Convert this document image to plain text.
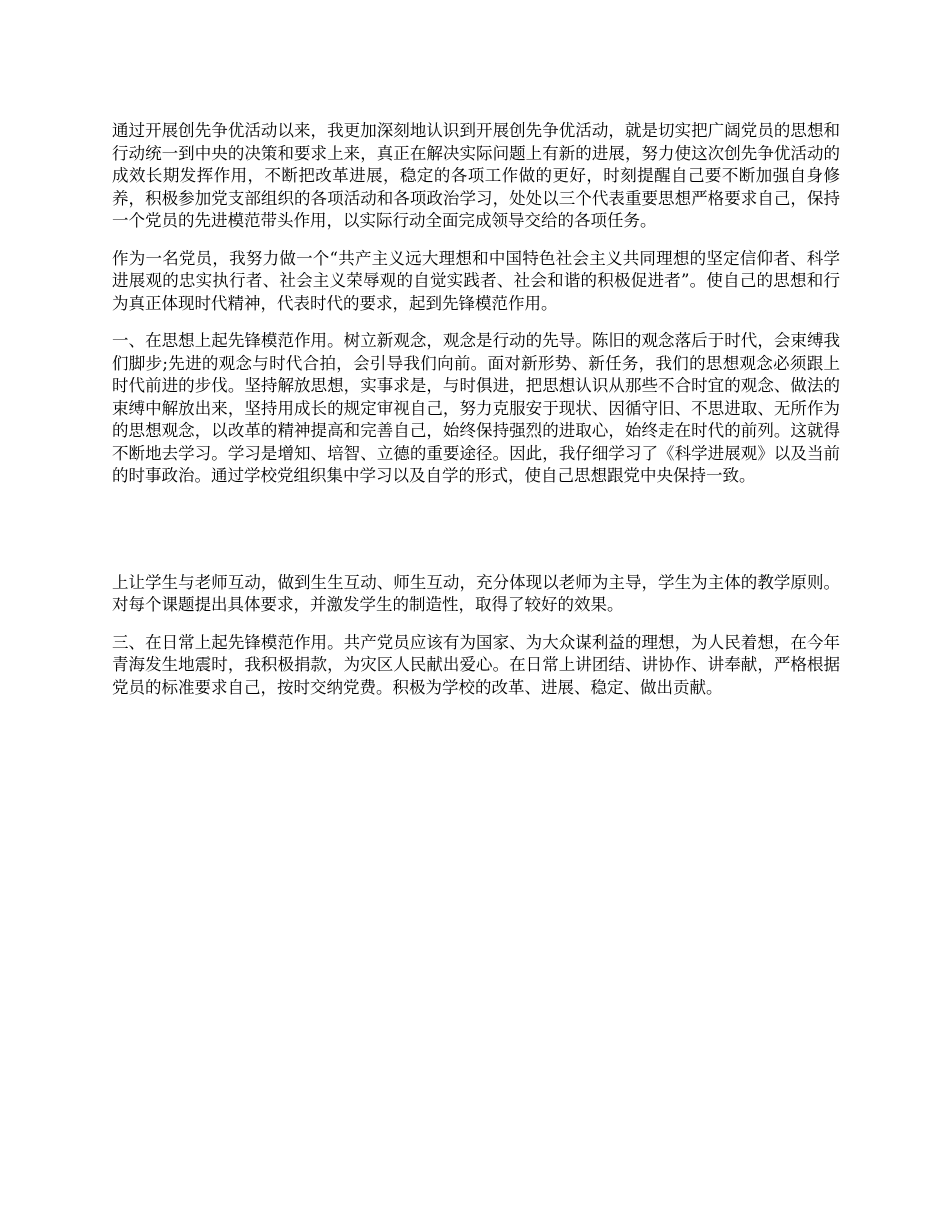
通过开展创先争优活动以来，我更加深刻地认识到开展创先争优活动，就是切实把广阔党员的思想和行动统一到中央的决策和要求上来，真正在解决实际问题上有新的进展，努力使这次创先争优活动的成效长期发挥作用，不断把改革进展，稳定的各项工作做的更好，时刻提醒自己要不断加强自身修养，积极参加党支部组织的各项活动和各项政治学习，处处以三个代表重要思想严格要求自己，保持一个党员的先进模范带头作用，以实际行动全面完成领导交给的各项任务。

作为一名党员，我努力做一个“共产主义远大理想和中国特色社会主义共同理想的坚定信仰者、科学进展观的忠实执行者、社会主义荣辱观的自觉实践者、社会和谐的积极促进者”。使自己的思想和行为真正体现时代精神，代表时代的要求，起到先锋模范作用。

一、在思想上起先锋模范作用。树立新观念，观念是行动的先导。陈旧的观念落后于时代，会束缚我们脚步;先进的观念与时代合拍，会引导我们向前。面对新形势、新任务，我们的思想观念必须跟上时代前进的步伐。坚持解放思想，实事求是，与时俱进，把思想认识从那些不合时宜的观念、做法的束缚中解放出来，坚持用成长的规定审视自己，努力克服安于现状、因循守旧、不思进取、无所作为的思想观念，以改革的精神提高和完善自己，始终保持强烈的进取心，始终走在时代的前列。这就得不断地去学习。学习是增知、培智、立德的重要途径。因此，我仔细学习了《科学进展观》以及当前的时事政治。通过学校党组织集中学习以及自学的形式，使自己思想跟党中央保持一致。

上让学生与老师互动，做到生生互动、师生互动，充分体现以老师为主导，学生为主体的教学原则。对每个课题提出具体要求，并激发学生的制造性，取得了较好的效果。

三、在日常上起先锋模范作用。共产党员应该有为国家、为大众谋利益的理想，为人民着想，在今年青海发生地震时，我积极捐款，为灾区人民献出爱心。在日常上讲团结、讲协作、讲奉献，严格根据党员的标准要求自己，按时交纳党费。积极为学校的改革、进展、稳定、做出贡献。
